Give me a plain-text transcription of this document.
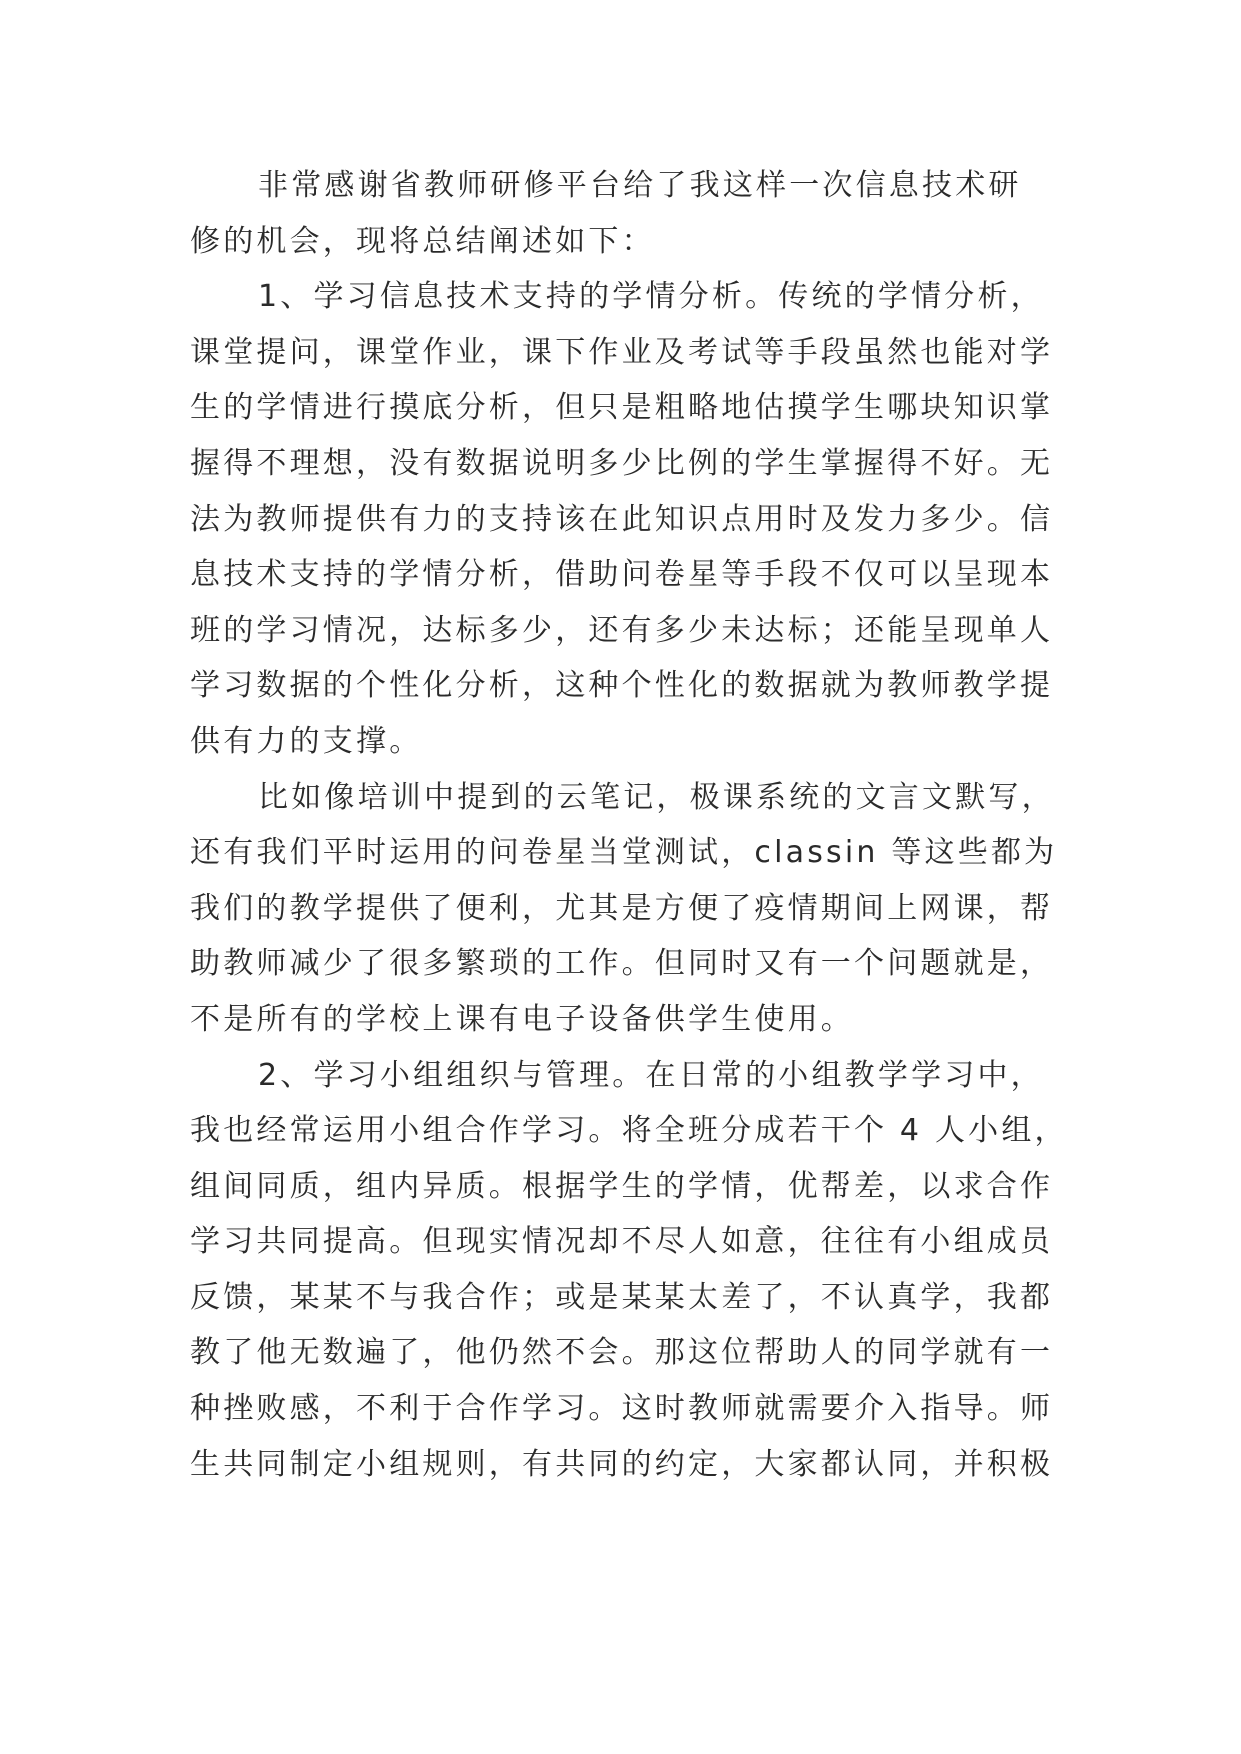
非常感谢省教师研修平台给了我这样一次信息技术研
修的机会，现将总结阐述如下：
1、学习信息技术支持的学情分析。传统的学情分析，
课堂提问，课堂作业，课下作业及考试等手段虽然也能对学
生的学情进行摸底分析，但只是粗略地估摸学生哪块知识掌
握得不理想，没有数据说明多少比例的学生掌握得不好。无
法为教师提供有力的支持该在此知识点用时及发力多少。信
息技术支持的学情分析，借助问卷星等手段不仅可以呈现本
班的学习情况，达标多少，还有多少未达标；还能呈现单人
学习数据的个性化分析，这种个性化的数据就为教师教学提
供有力的支撑。
比如像培训中提到的云笔记，极课系统的文言文默写，
还有我们平时运用的问卷星当堂测试，classin 等这些都为
我们的教学提供了便利，尤其是方便了疫情期间上网课，帮
助教师减少了很多繁琐的工作。但同时又有一个问题就是，
不是所有的学校上课有电子设备供学生使用。
2、学习小组组织与管理。在日常的小组教学学习中，
我也经常运用小组合作学习。将全班分成若干个 4 人小组，
组间同质，组内异质。根据学生的学情，优帮差，以求合作
学习共同提高。但现实情况却不尽人如意，往往有小组成员
反馈，某某不与我合作；或是某某太差了，不认真学，我都
教了他无数遍了，他仍然不会。那这位帮助人的同学就有一
种挫败感，不利于合作学习。这时教师就需要介入指导。师
生共同制定小组规则，有共同的约定，大家都认同，并积极
